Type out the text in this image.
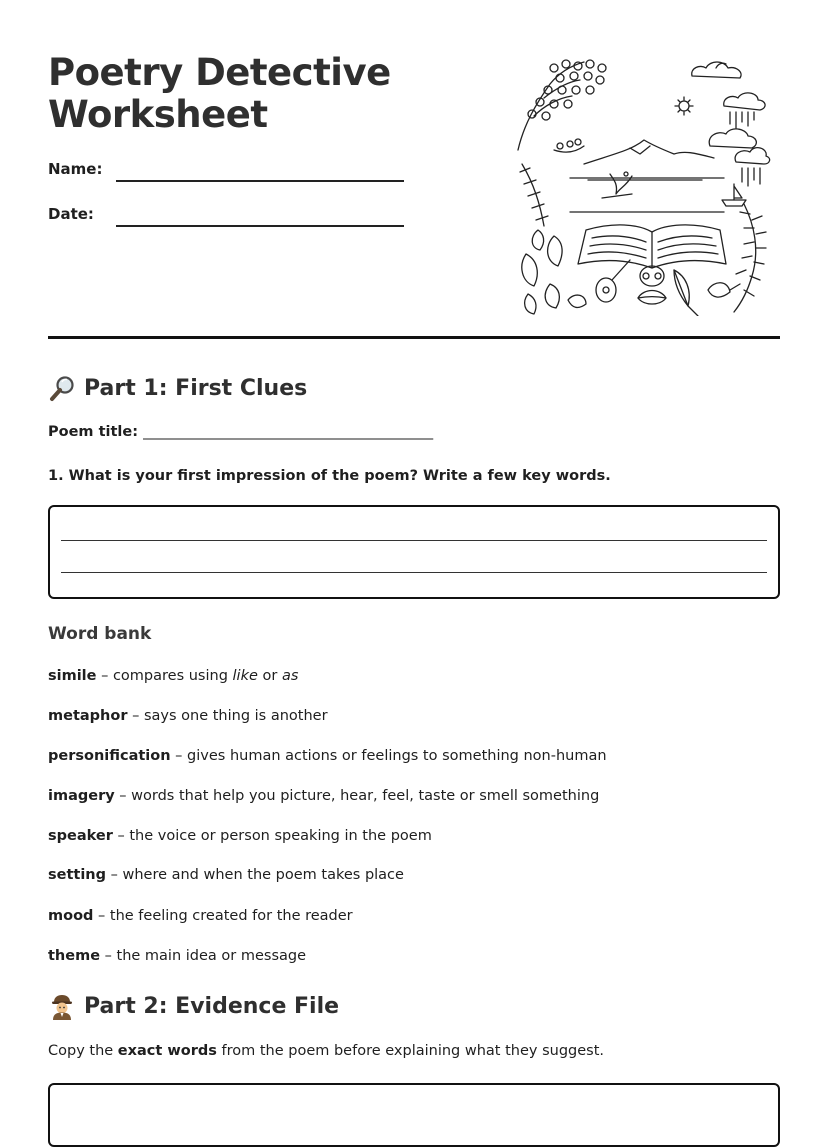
Poetry Detective
Worksheet
Name:
Date:
Part 1: First Clues
Poem title: ________________________________________
1. What is your first impression of the poem? Write a few key words.
Word bank
simile – compares using like or as
metaphor – says one thing is another
personification – gives human actions or feelings to something non-human
imagery – words that help you picture, hear, feel, taste or smell something
speaker – the voice or person speaking in the poem
setting – where and when the poem takes place
mood – the feeling created for the reader
theme – the main idea or message
Part 2: Evidence File
Copy the exact words from the poem before explaining what they suggest.
